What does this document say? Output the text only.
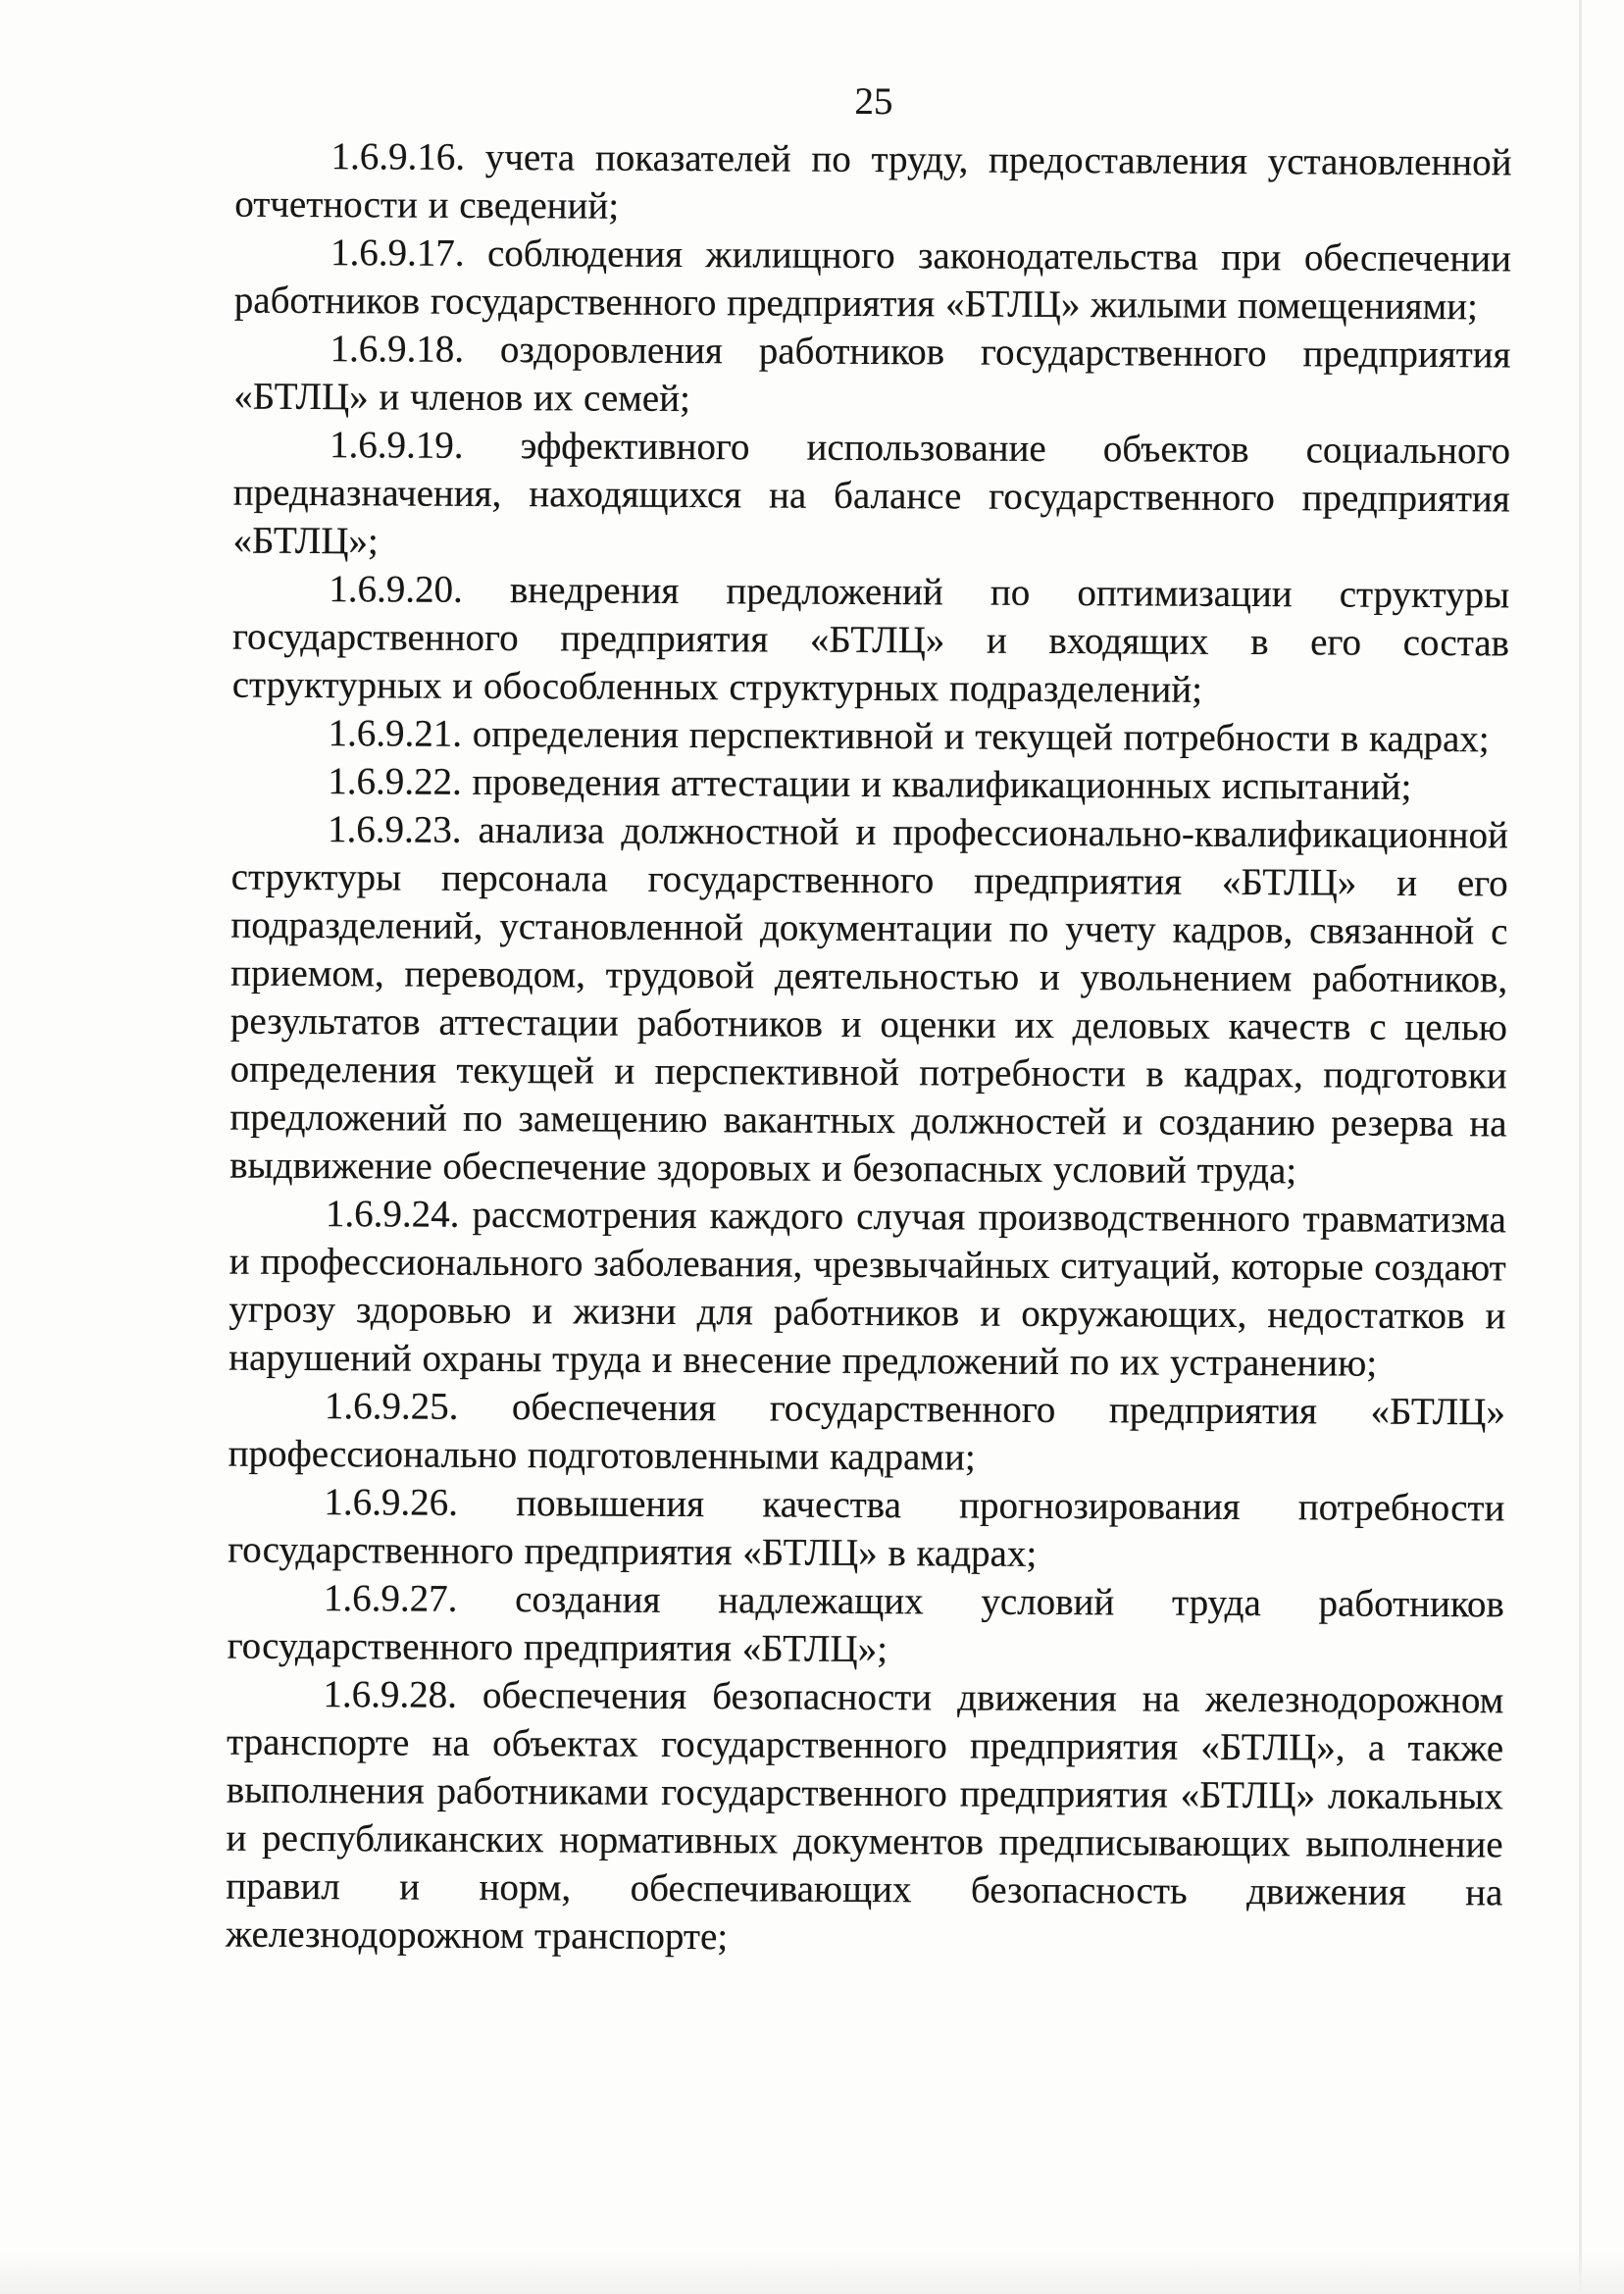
25

1.6.9.16. учета показателей по труду, предоставления установленной отчетности и сведений;

1.6.9.17. соблюдения жилищного законодательства при обеспечении работников государственного предприятия «БТЛЦ» жилыми помещениями;

1.6.9.18. оздоровления работников государственного предприятия «БТЛЦ» и членов их семей;

1.6.9.19. эффективного использование объектов социального предназначения, находящихся на балансе государственного предприятия «БТЛЦ»;

1.6.9.20. внедрения предложений по оптимизации структуры государственного предприятия «БТЛЦ» и входящих в его состав структурных и обособленных структурных подразделений;

1.6.9.21. определения перспективной и текущей потребности в кадрах;

1.6.9.22. проведения аттестации и квалификационных испытаний;

1.6.9.23. анализа должностной и профессионально-квалификационной структуры персонала государственного предприятия «БТЛЦ» и его подразделений, установленной документации по учету кадров, связанной с приемом, переводом, трудовой деятельностью и увольнением работников, результатов аттестации работников и оценки их деловых качеств с целью определения текущей и перспективной потребности в кадрах, подготовки предложений по замещению вакантных должностей и созданию резерва на выдвижение обеспечение здоровых и безопасных условий труда;

1.6.9.24. рассмотрения каждого случая производственного травматизма и профессионального заболевания, чрезвычайных ситуаций, которые создают угрозу здоровью и жизни для работников и окружающих, недостатков и нарушений охраны труда и внесение предложений по их устранению;

1.6.9.25. обеспечения государственного предприятия «БТЛЦ» профессионально подготовленными кадрами;

1.6.9.26. повышения качества прогнозирования потребности государственного предприятия «БТЛЦ» в кадрах;

1.6.9.27. создания надлежащих условий труда работников государственного предприятия «БТЛЦ»;

1.6.9.28. обеспечения безопасности движения на железнодорожном транспорте на объектах государственного предприятия «БТЛЦ», а также выполнения работниками государственного предприятия «БТЛЦ» локальных и республиканских нормативных документов предписывающих выполнение правил и норм, обеспечивающих безопасность движения на железнодорожном транспорте;
